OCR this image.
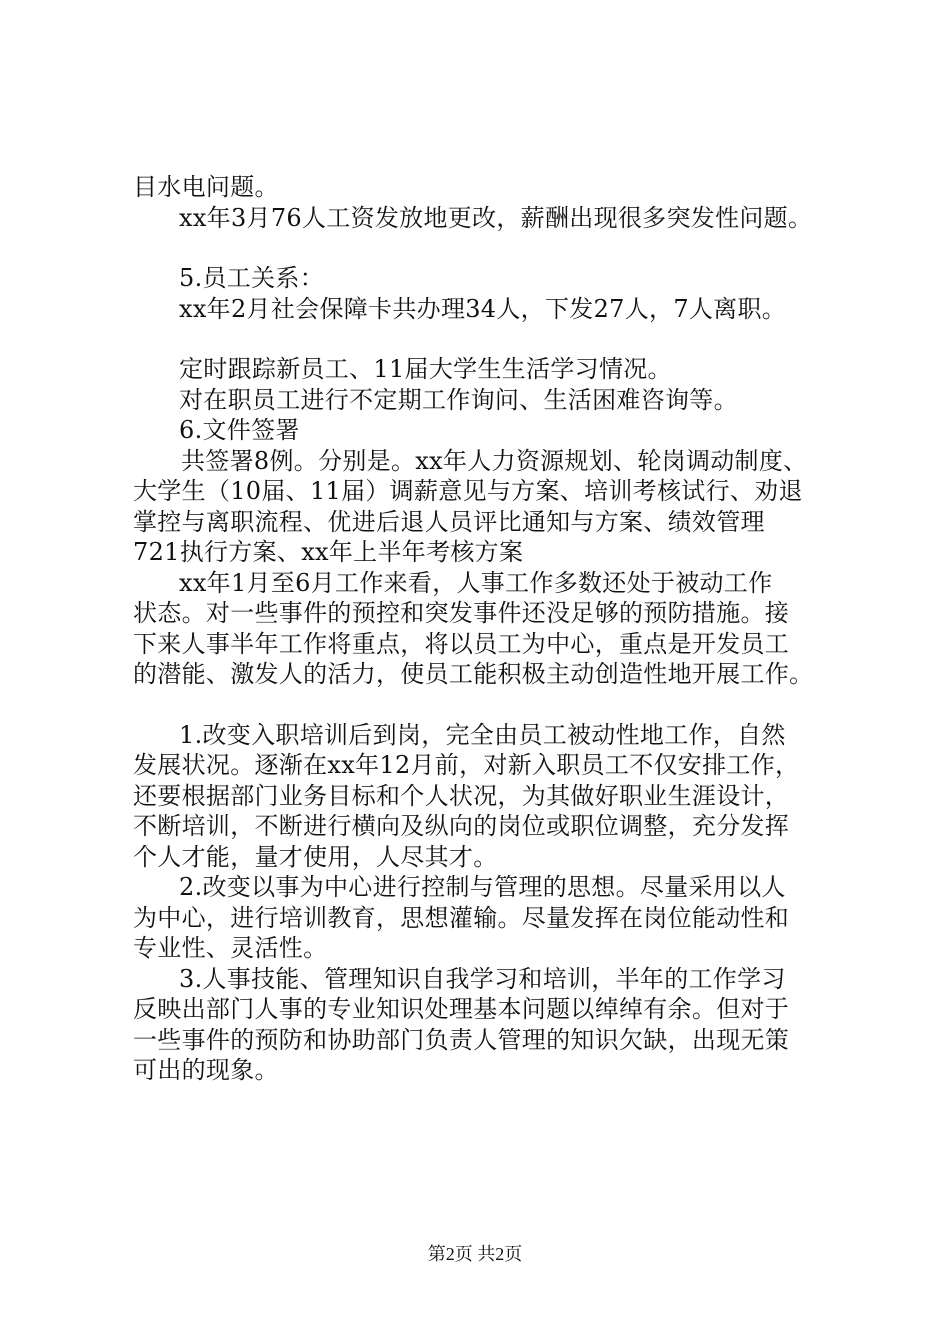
目水电问题。
xx年3月76人工资发放地更改，薪酬出现很多突发性问题。
5.员工关系：
xx年2月社会保障卡共办理34人，下发27人，7人离职。
定时跟踪新员工、11届大学生生活学习情况。
对在职员工进行不定期工作询问、生活困难咨询等。
6.文件签署
共签署8例。分别是。xx年人力资源规划、轮岗调动制度、
大学生（10届、11届）调薪意见与方案、培训考核试行、劝退
掌控与离职流程、优进后退人员评比通知与方案、绩效管理
721执行方案、xx年上半年考核方案
xx年1月至6月工作来看，人事工作多数还处于被动工作
状态。对一些事件的预控和突发事件还没足够的预防措施。接
下来人事半年工作将重点，将以员工为中心，重点是开发员工
的潜能、激发人的活力，使员工能积极主动创造性地开展工作。
1.改变入职培训后到岗，完全由员工被动性地工作，自然
发展状况。逐渐在xx年12月前，对新入职员工不仅安排工作，
还要根据部门业务目标和个人状况，为其做好职业生涯设计，
不断培训，不断进行横向及纵向的岗位或职位调整，充分发挥
个人才能，量才使用，人尽其才。
2.改变以事为中心进行控制与管理的思想。尽量采用以人
为中心，进行培训教育，思想灌输。尽量发挥在岗位能动性和
专业性、灵活性。
3.人事技能、管理知识自我学习和培训，半年的工作学习
反映出部门人事的专业知识处理基本问题以绰绰有余。但对于
一些事件的预防和协助部门负责人管理的知识欠缺，出现无策
可出的现象。
第2页 共2页
